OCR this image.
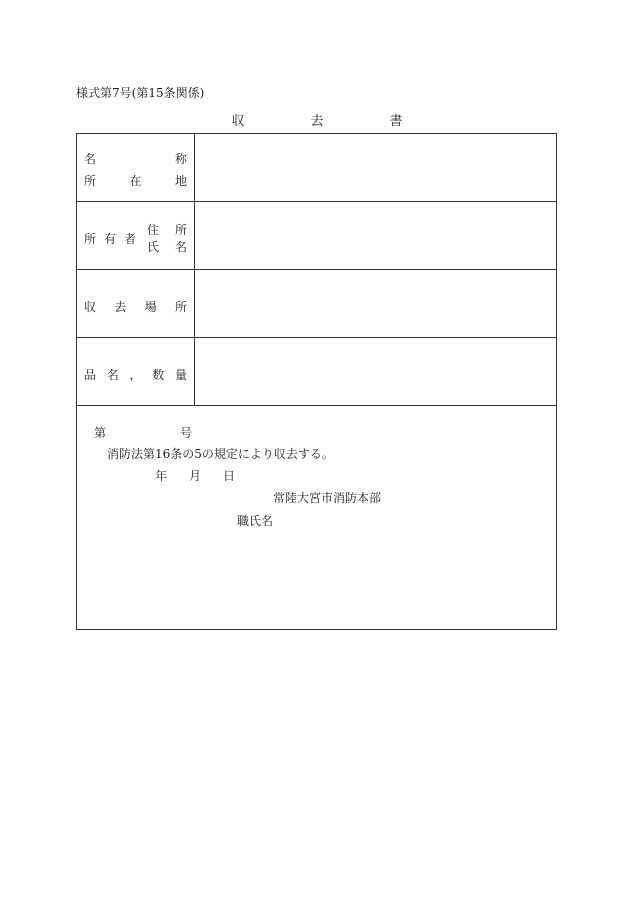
様式第7号(第15条関係)
収	去	書
名	称
所	在	地
所 有 者
住 所
氏 名
収 去 場 所
品 名 ， 数 量
第	号
消防法第16条の5の規定により収去する。
年 月 日
常陸大宮市消防本部
職氏名
